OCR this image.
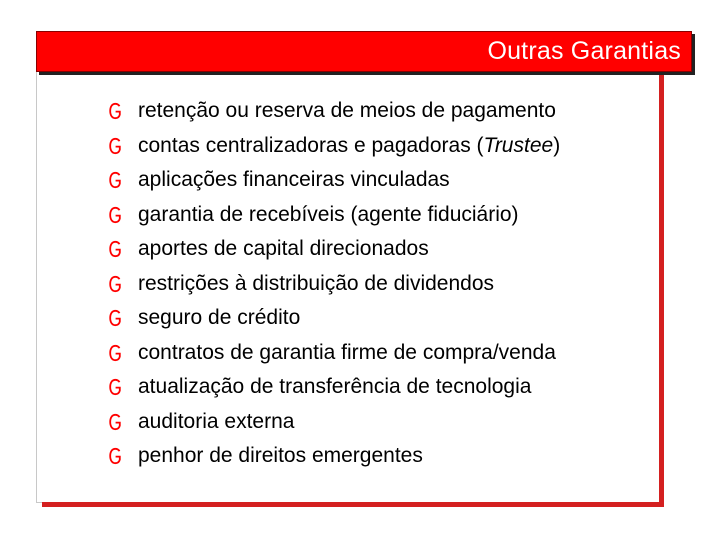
Outras Garantias
retenção ou reserva de meios de pagamento
contas centralizadoras e pagadoras (Trustee)
aplicações financeiras vinculadas
garantia de recebíveis (agente fiduciário)
aportes de capital direcionados
restrições à distribuição de dividendos
seguro de crédito
contratos de garantia firme de compra/venda
atualização de transferência de tecnologia
auditoria externa
penhor de direitos emergentes
